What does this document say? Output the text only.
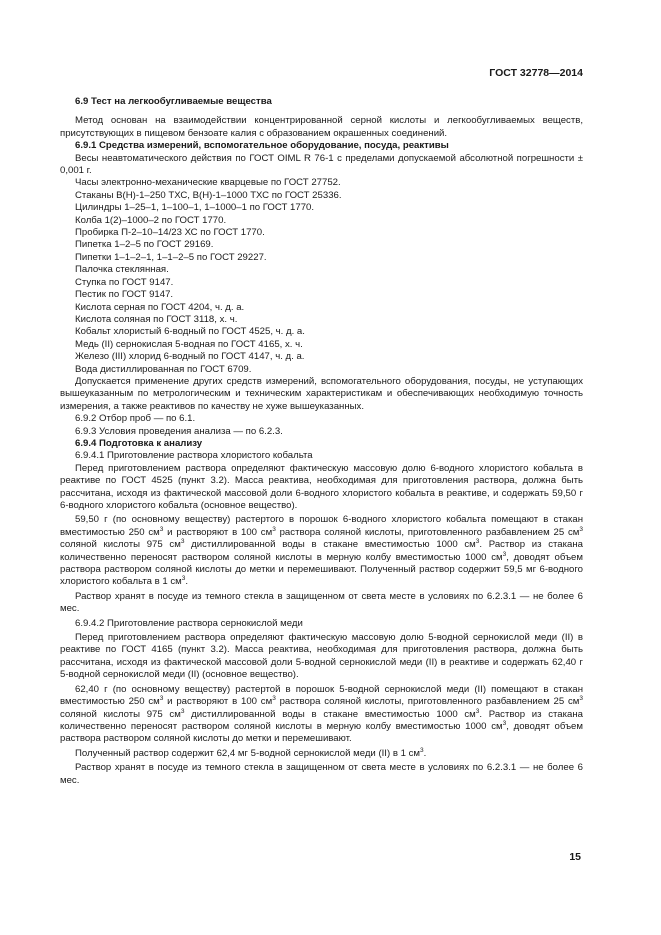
ГОСТ 32778—2014

6.9 Тест на легкообугливаемые вещества

Метод основан на взаимодействии концентрированной серной кислоты и легкообугливаемых веществ, присутствующих в пищевом бензоате калия с образованием окрашенных соединений.

6.9.1 Средства измерений, вспомогательное оборудование, посуда, реактивы

Весы неавтоматического действия по ГОСТ OIML R 76-1 с пределами допускаемой абсолютной погрешности ± 0,001 г.

Часы электронно-механические кварцевые по ГОСТ 27752.

Стаканы В(Н)-1–250 ТХС, В(Н)-1–1000 ТХС по ГОСТ 25336.

Цилиндры 1–25–1, 1–100–1, 1–1000–1 по ГОСТ 1770.

Колба 1(2)–1000–2 по ГОСТ 1770.

Пробирка П-2–10–14/23 ХС по ГОСТ 1770.

Пипетка 1–2–5 по ГОСТ 29169.

Пипетки 1–1–2–1, 1–1–2–5 по ГОСТ 29227.

Палочка стеклянная.

Ступка по ГОСТ 9147.

Пестик по ГОСТ 9147.

Кислота серная по ГОСТ 4204, ч. д. а.

Кислота соляная по ГОСТ 3118, х. ч.

Кобальт хлористый 6-водный по ГОСТ 4525, ч. д. а.

Медь (II) сернокислая 5-водная по ГОСТ 4165, х. ч.

Железо (III) хлорид 6-водный по ГОСТ 4147, ч. д. а.

Вода дистиллированная по ГОСТ 6709.

Допускается применение других средств измерений, вспомогательного оборудования, посуды, не уступающих вышеуказанным по метрологическим и техническим характеристикам и обеспечивающих необходимую точность измерения, а также реактивов по качеству не хуже вышеуказанных.

6.9.2 Отбор проб — по 6.1.

6.9.3 Условия проведения анализа — по 6.2.3.

6.9.4 Подготовка к анализу

6.9.4.1 Приготовление раствора хлористого кобальта

Перед приготовлением раствора определяют фактическую массовую долю 6-водного хлористого кобальта в реактиве по ГОСТ 4525 (пункт 3.2). Масса реактива, необходимая для приготовления раствора, должна быть рассчитана, исходя из фактической массовой доли 6-водного хлористого кобальта в реактиве, и содержать 59,50 г 6-водного хлористого кобальта (основное вещество).

59,50 г (по основному веществу) растертого в порошок 6-водного хлористого кобальта помещают в стакан вместимостью 250 $см^3$ и растворяют в 100 $см^3$ раствора соляной кислоты, приготовленного разбавлением 25 $см^3$ соляной кислоты 975 $см^3$ дистиллированной воды в стакане вместимостью 1000 $см^3$. Раствор из стакана количественно переносят раствором соляной кислоты в мерную колбу вместимостью 1000 $см^3$, доводят объем раствора раствором соляной кислоты до метки и перемешивают. Полученный раствор содержит 59,5 мг 6-водного хлористого кобальта в 1 $см^3$.

Раствор хранят в посуде из темного стекла в защищенном от света месте в условиях по 6.2.3.1 — не более 6 мес.

6.9.4.2 Приготовление раствора сернокислой меди

Перед приготовлением раствора определяют фактическую массовую долю 5-водной сернокислой меди (II) в реактиве по ГОСТ 4165 (пункт 3.2). Масса реактива, необходимая для приготовления раствора, должна быть рассчитана, исходя из фактической массовой доли 5-водной сернокислой меди (II) в реактиве и содержать 62,40 г 5-водной сернокислой меди (II) (основное вещество).

62,40 г (по основному веществу) растертой в порошок 5-водной сернокислой меди (II) помещают в стакан вместимостью 250 $см^3$ и растворяют в 100 $см^3$ раствора соляной кислоты, приготовленного разбавлением 25 $см^3$ соляной кислоты 975 $см^3$ дистиллированной воды в стакане вместимостью 1000 $см^3$. Раствор из стакана количественно переносят раствором соляной кислоты в мерную колбу вместимостью 1000 $см^3$, доводят объем раствора раствором соляной кислоты до метки и перемешивают.

Полученный раствор содержит 62,4 мг 5-водной сернокислой меди (II) в 1 $см^3$.

Раствор хранят в посуде из темного стекла в защищенном от света месте в условиях по 6.2.3.1 — не более 6 мес.

15
